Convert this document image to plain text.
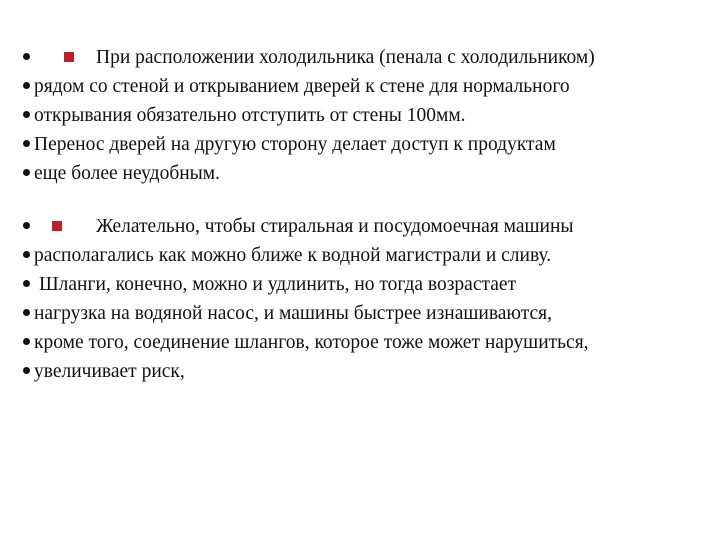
При расположении холодильника (пенала с холодильником)
рядом со стеной и открыванием дверей к стене для нормального
открывания обязательно отступить от стены 100мм.
Перенос дверей на другую сторону делает доступ к продуктам
еще более неудобным.
Желательно, чтобы стиральная и посудомоечная машины
располагались как можно ближе к водной магистрали и сливу.
Шланги, конечно, можно и удлинить, но тогда возрастает
нагрузка на водяной насос, и машины быстрее изнашиваются,
кроме того, соединение шлангов, которое тоже может нарушиться,
увеличивает риск,
